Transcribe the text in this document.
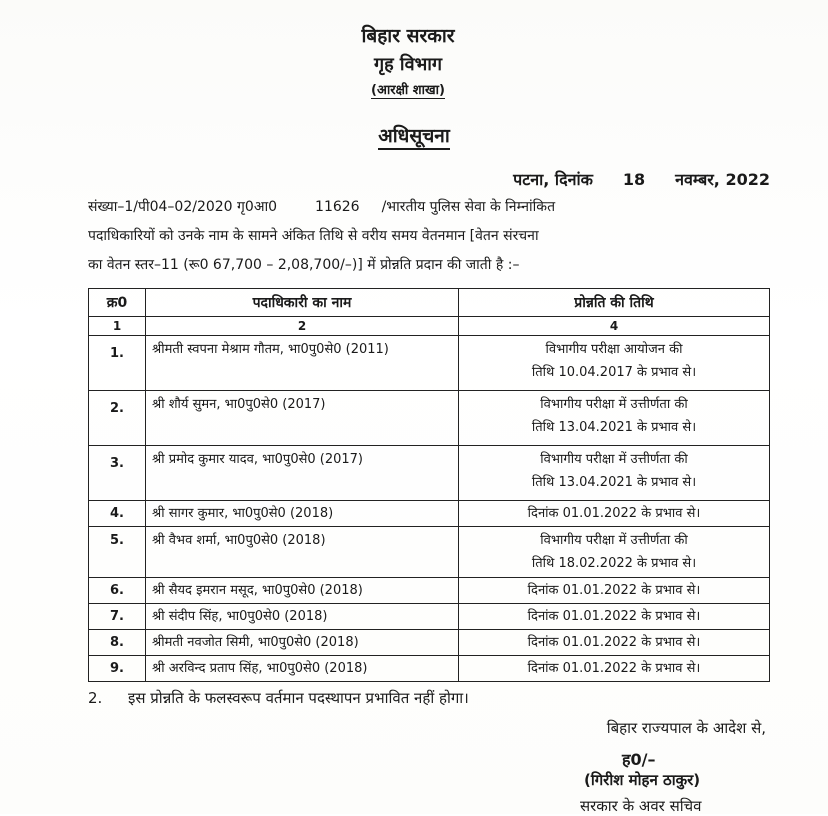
बिहार सरकार
गृह विभाग
(आरक्षी शाखा)
अधिसूचना
पटना, दिनांक 18 नवम्बर, 2022
संख्या–1/पी04–02/2020 गृ0आ0	11626 /भारतीय पुलिस सेवा के निम्नांकित
पदाधिकारियों को उनके नाम के सामने अंकित तिथि से वरीय समय वेतनमान [वेतन संरचना
का वेतन स्तर–11 (रू0 67,700 – 2,08,700/–)] में प्रोन्नति प्रदान की जाती है :–
क्र0	पदाधिकारी का नाम	प्रोन्नति की तिथि
1	2	4
1.	श्रीमती स्वपना मेश्राम गौतम, भा0पु0से0 (2011)	विभागीय परीक्षा आयोजन की
तिथि 10.04.2017 के प्रभाव से।

2.	श्री शौर्य सुमन, भा0पु0से0 (2017)	विभागीय परीक्षा में उत्तीर्णता की
तिथि 13.04.2021 के प्रभाव से।

3.	श्री प्रमोद कुमार यादव, भा0पु0से0 (2017)	विभागीय परीक्षा में उत्तीर्णता की
तिथि 13.04.2021 के प्रभाव से।

4.	श्री सागर कुमार, भा0पु0से0 (2018)	दिनांक 01.01.2022 के प्रभाव से।
5.	श्री वैभव शर्मा, भा0पु0से0 (2018)	विभागीय परीक्षा में उत्तीर्णता की
तिथि 18.02.2022 के प्रभाव से।

6.	श्री सैयद इमरान मसूद, भा0पु0से0 (2018)	दिनांक 01.01.2022 के प्रभाव से।
7.	श्री संदीप सिंह, भा0पु0से0 (2018)	दिनांक 01.01.2022 के प्रभाव से।
8.	श्रीमती नवजोत सिमी, भा0पु0से0 (2018)	दिनांक 01.01.2022 के प्रभाव से।
9.	श्री अरविन्द प्रताप सिंह, भा0पु0से0 (2018)	दिनांक 01.01.2022 के प्रभाव से।
2. इस प्रोन्नति के फलस्वरूप वर्तमान पदस्थापन प्रभावित नहीं होगा।
बिहार राज्यपाल के आदेश से,
ह0/–
(गिरीश मोहन ठाकुर)
सरकार के अवर सचिव
